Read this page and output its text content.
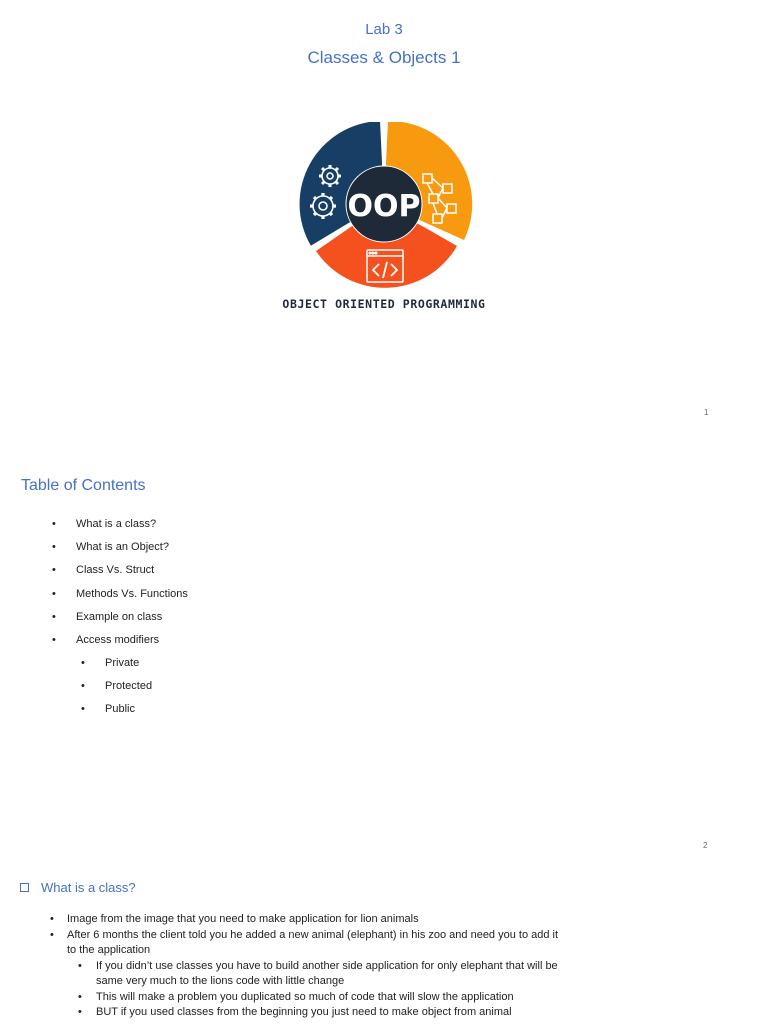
Lab 3
Classes & Objects 1
OOP
OBJECT ORIENTED PROGRAMMING
1
Table of Contents
• What is a class?
• What is an Object?
• Class Vs. Struct
• Methods Vs. Functions
• Example on class
• Access modifiers
• Private
• Protected
• Public
2
What is a class?
• Image from the image that you need to make application for lion animals
• After 6 months the client told you he added a new animal (elephant) in his zoo and need you to add it to the application
• If you didn’t use classes you have to build another side application for only elephant that will be same very much to the lions code with little change
• This will make a problem you duplicated so much of code that will slow the application
• BUT if you used classes from the beginning you just need to make object from animal
